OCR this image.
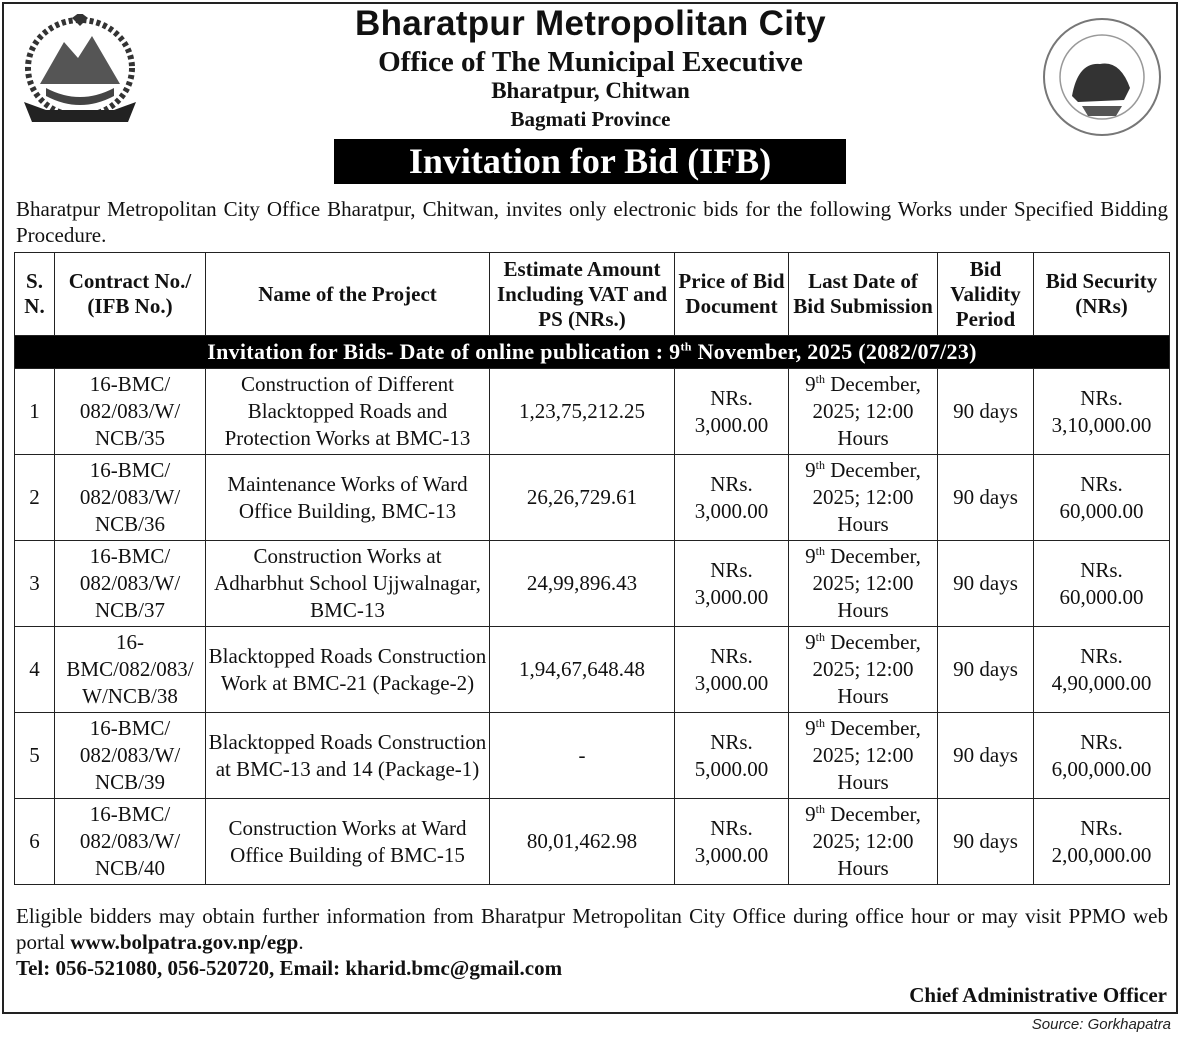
Bharatpur Metropolitan City
Office of The Municipal Executive
Bharatpur, Chitwan
Bagmati Province
Invitation for Bid (IFB)
Bharatpur Metropolitan City Office Bharatpur, Chitwan, invites only electronic bids for the following Works under Specified Bidding Procedure.
S. N.	Contract No./ (IFB No.)	Name of the Project	Estimate Amount Including VAT and PS (NRs.)	Price of Bid Document	Last Date of Bid Submission	Bid Validity Period	Bid Security (NRs)
Invitation for Bids- Date of online publication : 9th November, 2025 (2082/07/23)							
1	16-BMC/ 082/083/W/ NCB/35	Construction of Different Blacktopped Roads and Protection Works at BMC-13	1,23,75,212.25	NRs. 3,000.00	9th December, 2025; 12:00 Hours	90 days	NRs. 3,10,000.00
2	16-BMC/ 082/083/W/ NCB/36	Maintenance Works of Ward Office Building, BMC-13	26,26,729.61	NRs. 3,000.00	9th December, 2025; 12:00 Hours	90 days	NRs. 60,000.00
3	16-BMC/ 082/083/W/ NCB/37	Construction Works at Adharbhut School Ujjwalnagar, BMC-13	24,99,896.43	NRs. 3,000.00	9th December, 2025; 12:00 Hours	90 days	NRs. 60,000.00
4	16- BMC/082/083/ W/NCB/38	Blacktopped Roads Construction Work at BMC-21 (Package-2)	1,94,67,648.48	NRs. 3,000.00	9th December, 2025; 12:00 Hours	90 days	NRs. 4,90,000.00
5	16-BMC/ 082/083/W/ NCB/39	Blacktopped Roads Construction at BMC-13 and 14 (Package-1)	-	NRs. 5,000.00	9th December, 2025; 12:00 Hours	90 days	NRs. 6,00,000.00
6	16-BMC/ 082/083/W/ NCB/40	Construction Works at Ward Office Building of BMC-15	80,01,462.98	NRs. 3,000.00	9th December, 2025; 12:00 Hours	90 days	NRs. 2,00,000.00
Eligible bidders may obtain further information from Bharatpur Metropolitan City Office during office hour or may visit PPMO web portal www.bolpatra.gov.np/egp.
Tel: 056-521080, 056-520720, Email: kharid.bmc@gmail.com
Chief Administrative Officer
Source: Gorkhapatra
